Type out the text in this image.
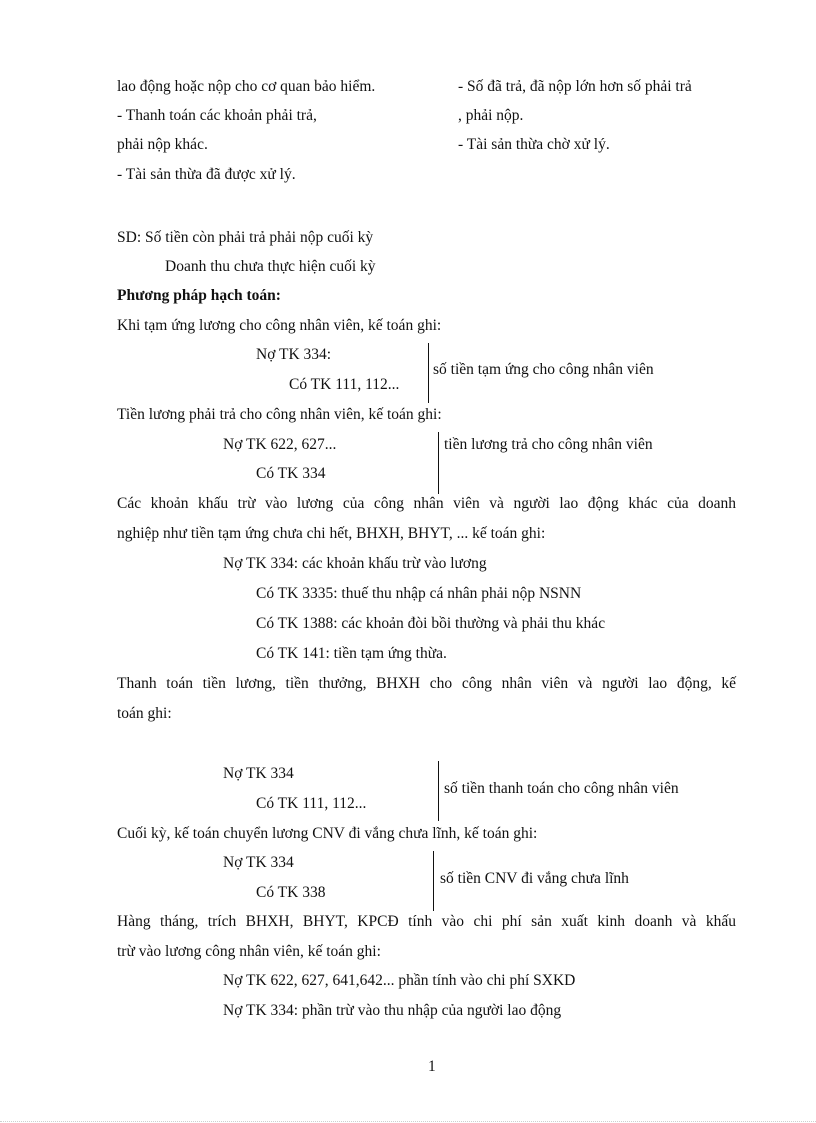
lao động hoặc nộp cho cơ quan bảo hiểm.
- Thanh toán các khoản phải trả,
phải nộp khác.
- Tài sản thừa đã được xử lý.
- Số đã trả, đã nộp lớn hơn số phải trả
, phải nộp.
- Tài sản thừa chờ xử lý.
SD: Số tiền còn phải trả phải nộp cuối kỳ
Doanh thu chưa thực hiện cuối kỳ
Phương pháp hạch toán:
Khi tạm ứng lương cho công nhân viên, kế toán ghi:
Nợ TK 334:
Có TK 111, 112...
số tiền tạm ứng cho công nhân viên
Tiền lương phải trả cho công nhân viên, kế toán ghi:
Nợ TK 622, 627...
Có TK 334
tiền lương trả cho công nhân viên
Các khoản khấu trừ vào lương của công nhân viên và người lao động khác của doanh
nghiệp như tiền tạm ứng chưa chi hết, BHXH, BHYT, ... kế toán ghi:
Nợ TK 334: các khoản khấu trừ vào lương
Có TK 3335: thuế thu nhập cá nhân phải nộp NSNN
Có TK 1388: các khoản đòi bồi thường và phải thu khác
Có TK 141: tiền tạm ứng thừa.
Thanh toán tiền lương, tiền thưởng, BHXH cho công nhân viên và người lao động, kế
toán ghi:
Nợ TK 334
Có TK 111, 112...
số tiền thanh toán cho công nhân viên
Cuối kỳ, kế toán chuyển lương CNV đi vắng chưa lĩnh, kế toán ghi:
Nợ TK 334
Có TK 338
số tiền CNV đi vắng chưa lĩnh
Hàng tháng, trích BHXH, BHYT, KPCĐ tính vào chi phí sản xuất kinh doanh và khấu
trừ vào lương công nhân viên, kế toán ghi:
Nợ TK 622, 627, 641,642... phần tính vào chi phí SXKD
Nợ TK 334: phần trừ vào thu nhập của người lao động
1
